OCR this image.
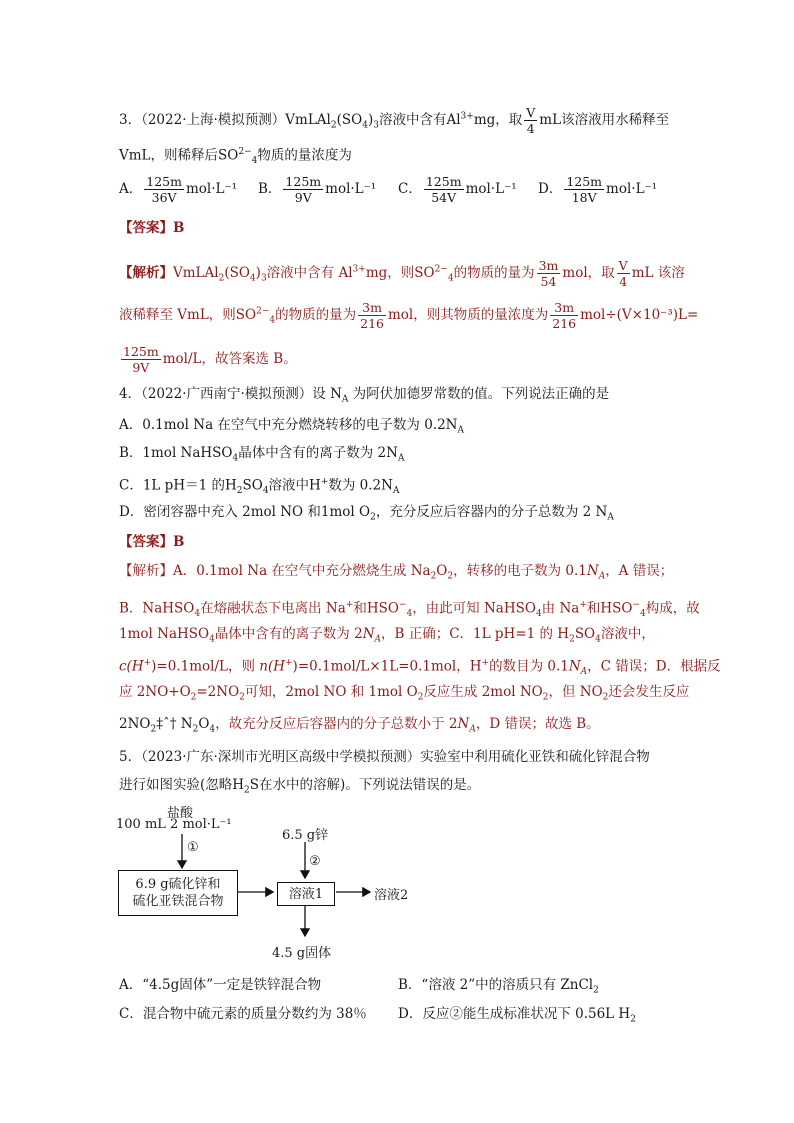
3．（2022·上海·模拟预测）$VmLAl_2(SO_4)_3$溶液中含有$Al^{3+}mg$，取 $\frac{V}{4}$ mL该溶液用水稀释至
VmL，则稀释后$SO^{2-}_4$物质的量浓度为
A． $\frac{125m}{36V} mol\cdot L^{-1}$ B． $\frac{125m}{9V} mol\cdot L^{-1}$ C． $\frac{125m}{54V} mol\cdot L^{-1}$ D． $\frac{125m}{18V} mol\cdot L^{-1}$
【答案】B
【解析】$VmLAl_2(SO_4)_3$溶液中含有 $Al^{3+}mg$，则$SO^{2-}_4$的物质的量为 $\frac{3m}{54}$ mol，取 $\frac{V}{4}$ mL 该溶
液稀释至 VmL，则$SO^{2-}_4$的物质的量为 $\frac{3m}{216}$ mol，则其物质的量浓度为 $\frac{3m}{216} mol\div(V\times 10^{-3})L=$
$\frac{125m}{9V} mol/L$，故答案选 B。
4．（2022·广西南宁·模拟预测）设 $N_A$ 为阿伏加德罗常数的值。下列说法正确的是
A．0.1mol Na 在空气中充分燃烧转移的电子数为 $0.2N_A$
B．1mol NaHSO$_4$晶体中含有的离子数为 $2N_A$
C．1L pH＝1 的$H_2SO_4$溶液中H+数为 $0.2N_A$
D．密闭容器中充入 2mol NO 和1mol $O_2$，充分反应后容器内的分子总数为 2 $N_A$
【答案】B
【解析】A．0.1mol Na 在空气中充分燃烧生成 $Na_2O_2$，转移的电子数为 $0.1N_A$，A 错误；
B．NaHSO$_4$在熔融状态下电离出 Na+和$HSO^-_4$，由此可知 NaHSO$_4$由 Na+和$HSO^-_4$构成，故
1mol NaHSO$_4$晶体中含有的离子数为 $2N_A$，B 正确；C．1L pH=1 的 $H_2SO_4$溶液中，
c(H+)=0.1mol/L，则 n(H+)=0.1mol/L×1L=0.1mol，H+的数目为 $0.1N_A$，C 错误；D．根据反
应 $2NO+O_2=2NO_2$可知，2mol NO 和 1mol $O_2$反应生成 2mol $NO_2$，但 $NO_2$还会发生反应
$2NO_2\ddagger ˆ\dagger$ $N_2O_4$，故充分反应后容器内的分子总数小于 $2N_A$，D 错误；故选 B。
5．（2023·广东·深圳市光明区高级中学模拟预测）实验室中利用硫化亚铁和硫化锌混合物
进行如图实验(忽略$H_2S$在水中的溶解)。下列说法错误的是。
盐酸
100 mL 2 mol·L⁻¹
①
6.5 g锌
②
6.9 g硫化锌和
硫化亚铁混合物	溶液1	溶液2
4.5 g固体
A．“4.5g固体”一定是铁锌混合物	B．“溶液 2”中的溶质只有 ZnCl$_2$
C．混合物中硫元素的质量分数约为 38％ D．反应②能生成标准状况下 0.56L $H_2$
